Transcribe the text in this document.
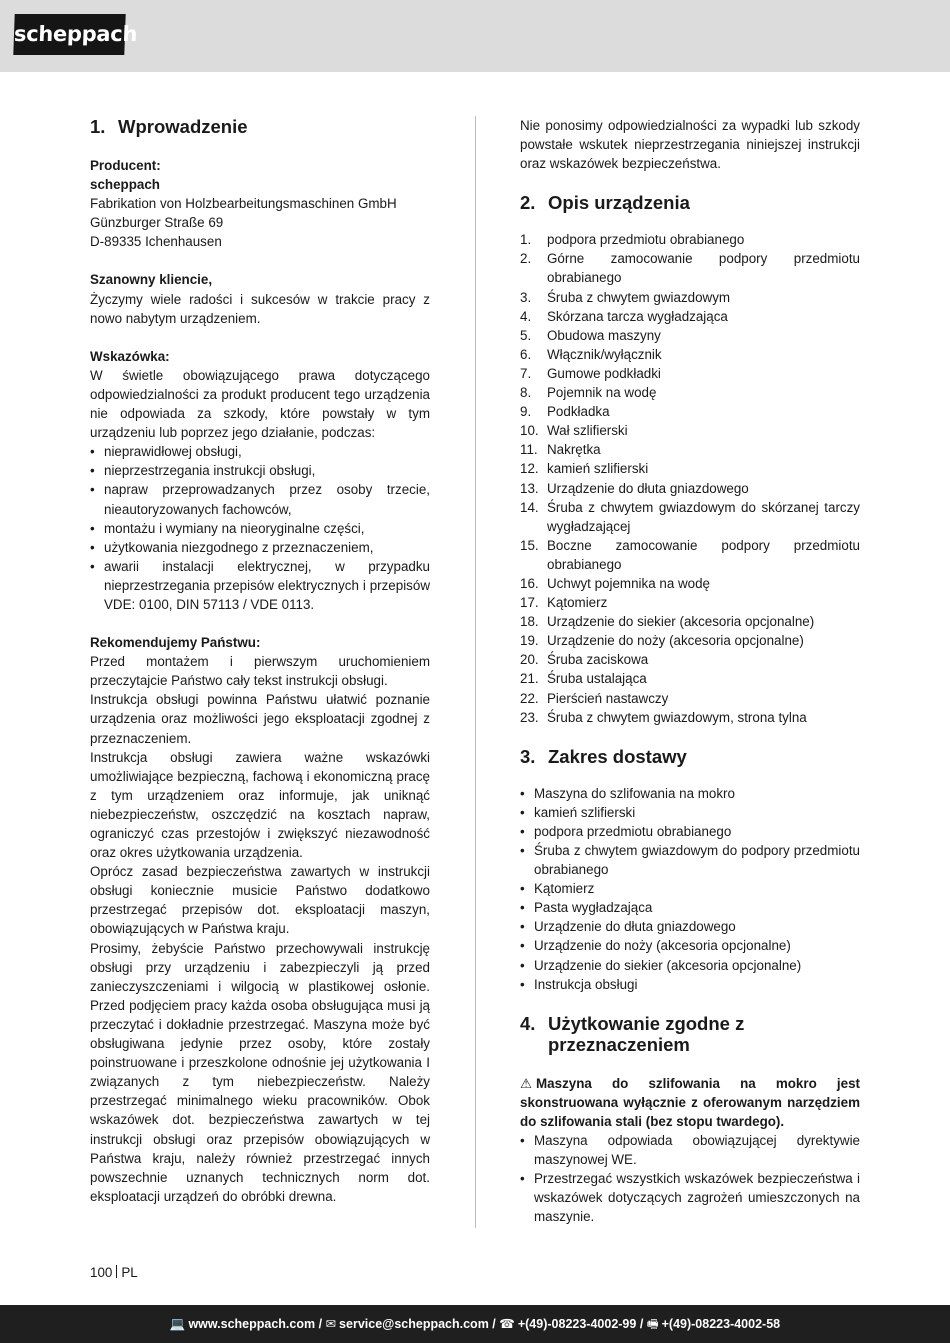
scheppach
1. Wprowadzenie

Producent:

scheppach

Fabrikation von Holzbearbeitungsmaschinen GmbH

Günzburger Straße 69

D-89335 Ichenhausen

Szanowny kliencie,

Życzymy wiele radości i sukcesów w trakcie pracy z nowo nabytym urządzeniem.

Wskazówka:

W świetle obowiązującego prawa dotyczącego odpowiedzialności za produkt producent tego urządzenia nie odpowiada za szkody, które powstały w tym urządzeniu lub poprzez jego działanie, podczas:

• nieprawidłowej obsługi,
• nieprzestrzegania instrukcji obsługi,
• napraw przeprowadzanych przez osoby trzecie, nieautoryzowanych fachowców,
• montażu i wymiany na nieoryginalne części,
• użytkowania niezgodnego z przeznaczeniem,
• awarii instalacji elektrycznej, w przypadku nieprzestrzegania przepisów elektrycznych i przepisów VDE: 0100, DIN 57113 / VDE 0113.

Rekomendujemy Państwu:

Przed montażem i pierwszym uruchomieniem przeczytajcie Państwo cały tekst instrukcji obsługi.

Instrukcja obsługi powinna Państwu ułatwić poznanie urządzenia oraz możliwości jego eksploatacji zgodnej z przeznaczeniem.

Instrukcja obsługi zawiera ważne wskazówki umożliwiające bezpieczną, fachową i ekonomiczną pracę z tym urządzeniem oraz informuje, jak uniknąć niebezpieczeństw, oszczędzić na kosztach napraw, ograniczyć czas przestojów i zwiększyć niezawodność oraz okres użytkowania urządzenia.

Oprócz zasad bezpieczeństwa zawartych w instrukcji obsługi koniecznie musicie Państwo dodatkowo przestrzegać przepisów dot. eksploatacji maszyn, obowiązujących w Państwa kraju.

Prosimy, żebyście Państwo przechowywali instrukcję obsługi przy urządzeniu i zabezpieczyli ją przed zanieczyszczeniami i wilgocią w plastikowej osłonie. Przed podjęciem pracy każda osoba obsługująca musi ją przeczytać i dokładnie przestrzegać. Maszyna może być obsługiwana jedynie przez osoby, które zostały poinstruowane i przeszkolone odnośnie jej użytkowania I związanych z tym niebezpieczeństw. Należy przestrzegać minimalnego wieku pracowników. Obok wskazówek dot. bezpieczeństwa zawartych w tej instrukcji obsługi oraz przepisów obowiązujących w Państwa kraju, należy również przestrzegać innych powszechnie uznanych technicznych norm dot. eksploatacji urządzeń do obróbki drewna.

Nie ponosimy odpowiedzialności za wypadki lub szkody powstałe wskutek nieprzestrzegania niniejszej instrukcji oraz wskazówek bezpieczeństwa.

2. Opis urządzenia
1.	podpora przedmiotu obrabianego
2.	Górne zamocowanie podpory przedmiotu obrabianego
3.	Śruba z chwytem gwiazdowym
4.	Skórzana tarcza wygładzająca
5.	Obudowa maszyny
6.	Włącznik/wyłącznik
7.	Gumowe podkładki
8.	Pojemnik na wodę
9.	Podkładka
10. Wał szlifierski
11. Nakrętka
12. kamień szlifierski
13. Urządzenie do dłuta gniazdowego
14. Śruba z chwytem gwiazdowym do skórzanej tarczy wygładzającej
15. Boczne zamocowanie podpory przedmiotu obrabianego
16. Uchwyt pojemnika na wodę
17. Kątomierz
18. Urządzenie do siekier (akcesoria opcjonalne)
19. Urządzenie do noży (akcesoria opcjonalne)
20. Śruba zaciskowa
21. Śruba ustalająca
22. Pierścień nastawczy
23. Śruba z chwytem gwiazdowym, strona tylna
3. Zakres dostawy
• Maszyna do szlifowania na mokro
• kamień szlifierski
• podpora przedmiotu obrabianego
• Śruba z chwytem gwiazdowym do podpory przedmiotu obrabianego
• Kątomierz
• Pasta wygładzająca
• Urządzenie do dłuta gniazdowego
• Urządzenie do noży (akcesoria opcjonalne)
• Urządzenie do siekier (akcesoria opcjonalne)
• Instrukcja obsługi
4. Użytkowanie zgodne z przeznaczeniem

⚠ Maszyna do szlifowania na mokro jest skonstruowana wyłącznie z oferowanym narzędziem do szlifowania stali (bez stopu twardego).

• Maszyna odpowiada obowiązującej dyrektywie maszynowej WE.
• Przestrzegać wszystkich wskazówek bezpieczeństwa i wskazówek dotyczących zagrożeń umieszczonych na maszynie.
100 PL
💻 www.scheppach.com / ✉ service@scheppach.com / ☎ +(49)-08223-4002-99 / 🖷 +(49)-08223-4002-58
